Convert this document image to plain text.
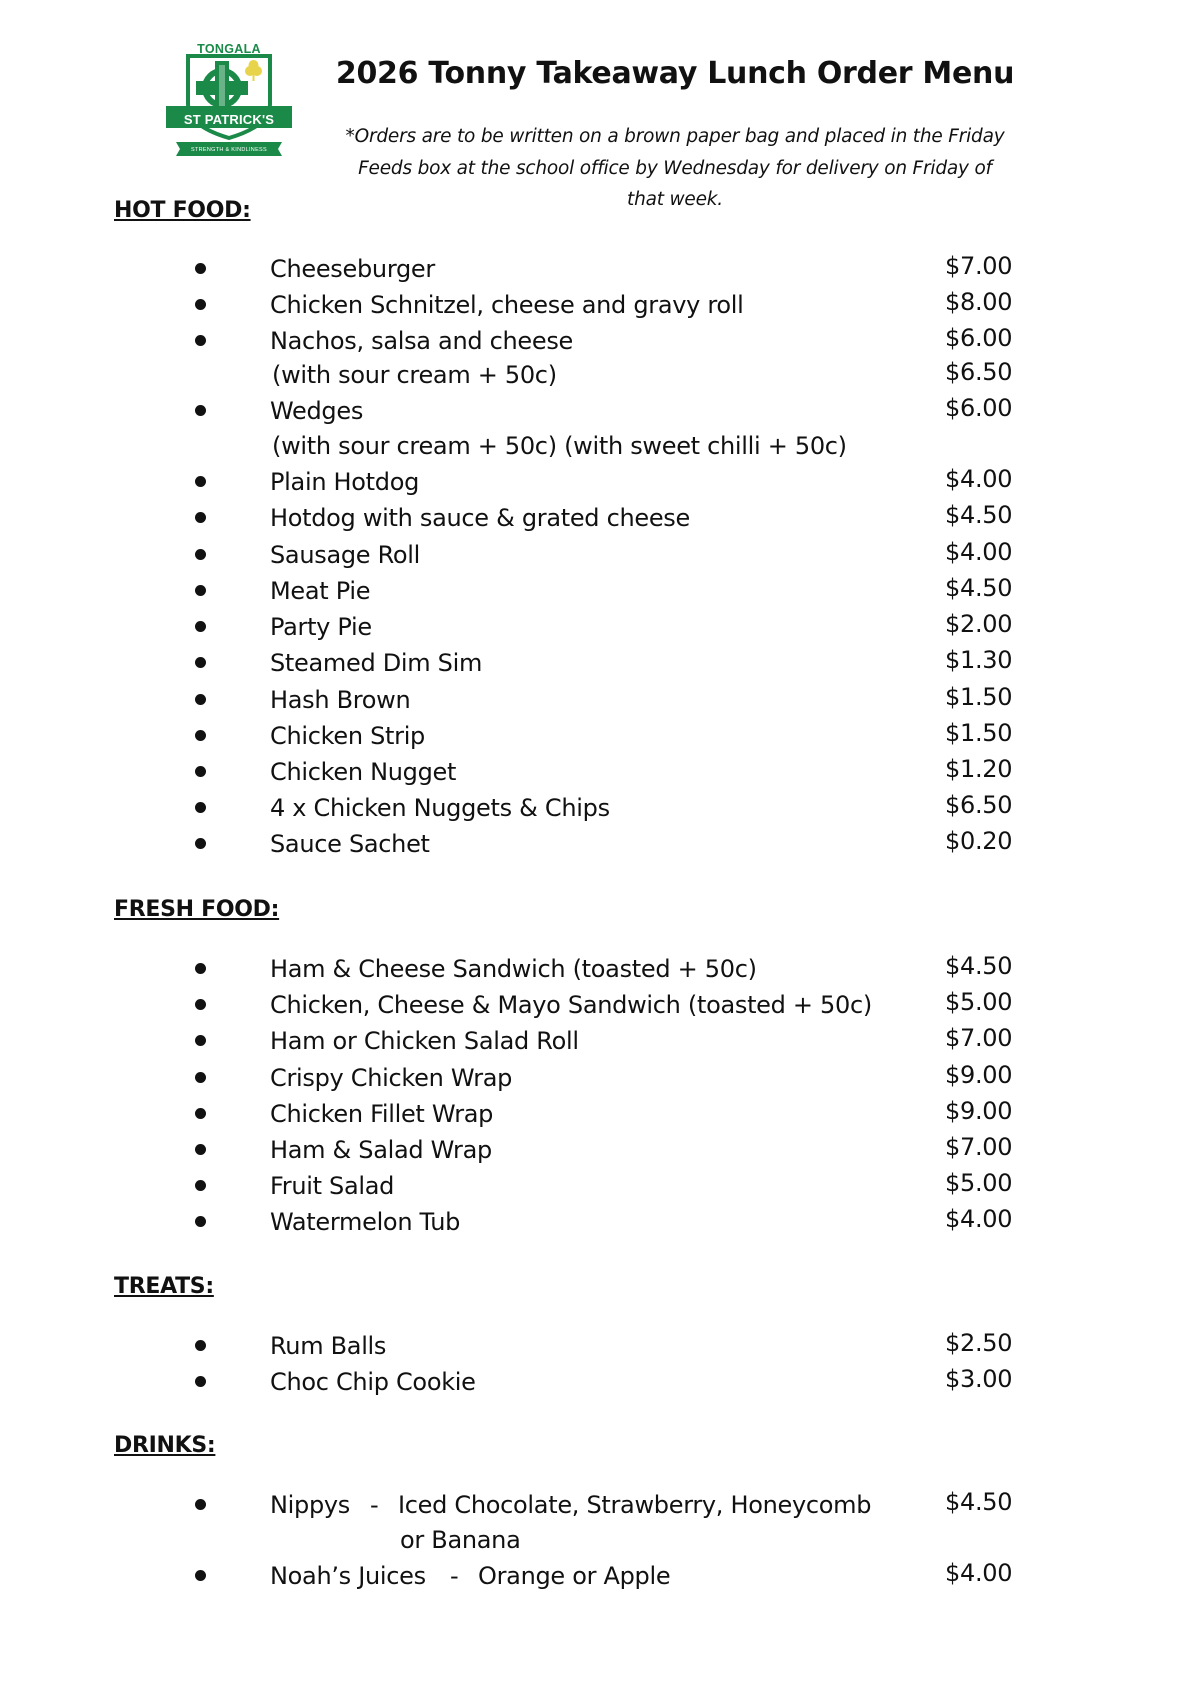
TONGALA
ST PATRICK'S
STRENGTH & KINDLINESS
2026 Tonny Takeaway Lunch Order Menu

*Orders are to be written on a brown paper bag and placed in the Friday Feeds box at the school office by Wednesday for delivery on Friday of that week.

HOT FOOD:
Cheeseburger	$7.00
Chicken Schnitzel, cheese and gravy roll	$8.00
Nachos, salsa and cheese	$6.00
(with sour cream + 50c)	$6.50
Wedges	$6.00
(with sour cream + 50c) (with sweet chilli + 50c)
Plain Hotdog	$4.00
Hotdog with sauce & grated cheese	$4.50
Sausage Roll	$4.00
Meat Pie	$4.50
Party Pie	$2.00
Steamed Dim Sim	$1.30
Hash Brown	$1.50
Chicken Strip	$1.50
Chicken Nugget	$1.20
4 x Chicken Nuggets & Chips	$6.50
Sauce Sachet	$0.20
FRESH FOOD:
Ham & Cheese Sandwich (toasted + 50c)	$4.50
Chicken, Cheese & Mayo Sandwich (toasted + 50c)	$5.00
Ham or Chicken Salad Roll	$7.00
Crispy Chicken Wrap	$9.00
Chicken Fillet Wrap	$9.00
Ham & Salad Wrap	$7.00
Fruit Salad	$5.00
Watermelon Tub	$4.00
TREATS:
Rum Balls	$2.50
Choc Chip Cookie	$3.00
DRINKS:
Nippys - Iced Chocolate, Strawberry, Honeycomb	$4.50
or Banana
Noah’s Juices - Orange or Apple	$4.00
